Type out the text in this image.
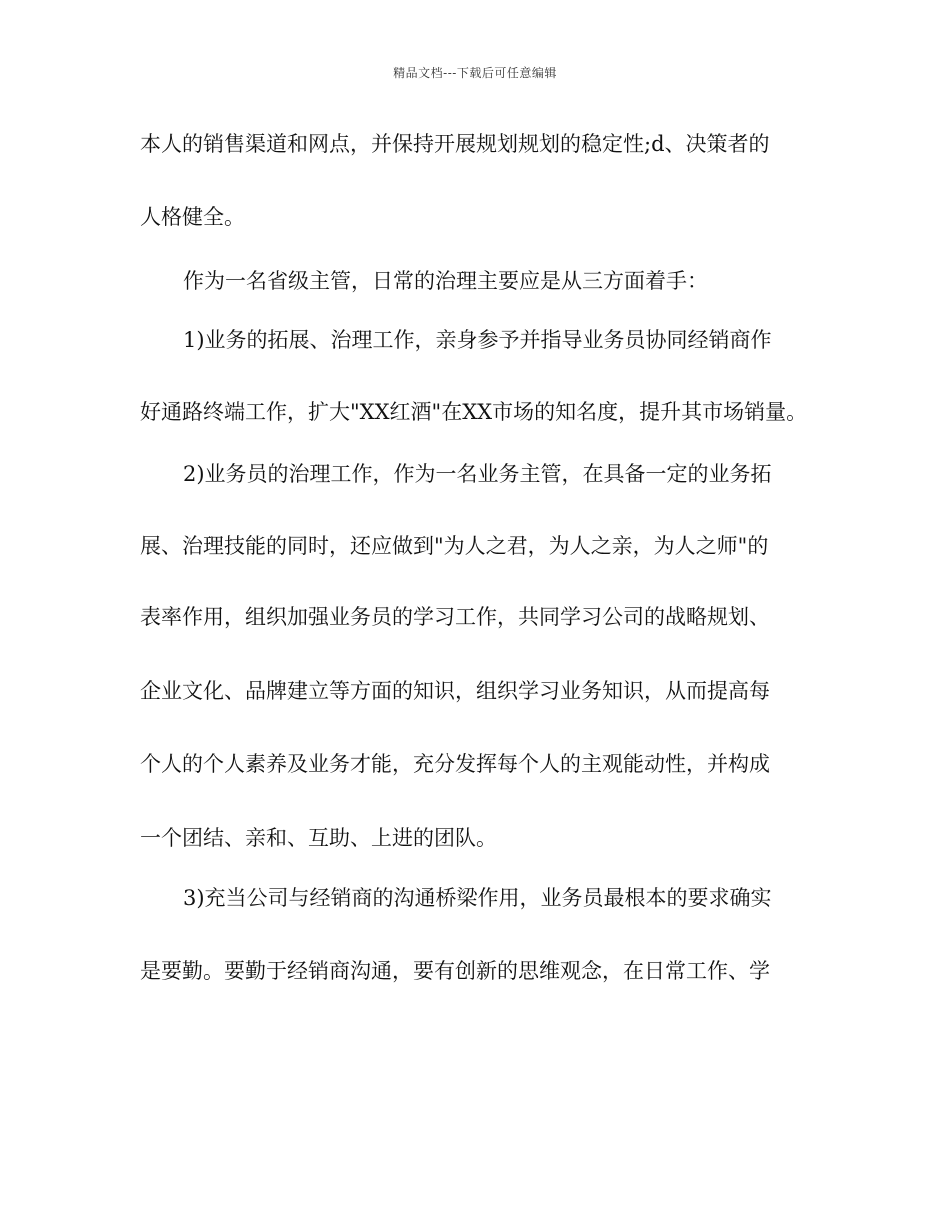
精品文档---下载后可任意编辑
本人的销售渠道和网点，并保持开展规划规划的稳定性;d、决策者的
人格健全。
作为一名省级主管，日常的治理主要应是从三方面着手：
1)业务的拓展、治理工作，亲身参予并指导业务员协同经销商作
好通路终端工作，扩大"XX红酒"在XX市场的知名度，提升其市场销量。
2)业务员的治理工作，作为一名业务主管，在具备一定的业务拓
展、治理技能的同时，还应做到"为人之君，为人之亲，为人之师"的
表率作用，组织加强业务员的学习工作，共同学习公司的战略规划、
企业文化、品牌建立等方面的知识，组织学习业务知识，从而提高每
个人的个人素养及业务才能，充分发挥每个人的主观能动性，并构成
一个团结、亲和、互助、上进的团队。
3)充当公司与经销商的沟通桥梁作用，业务员最根本的要求确实
是要勤。要勤于经销商沟通，要有创新的思维观念，在日常工作、学
